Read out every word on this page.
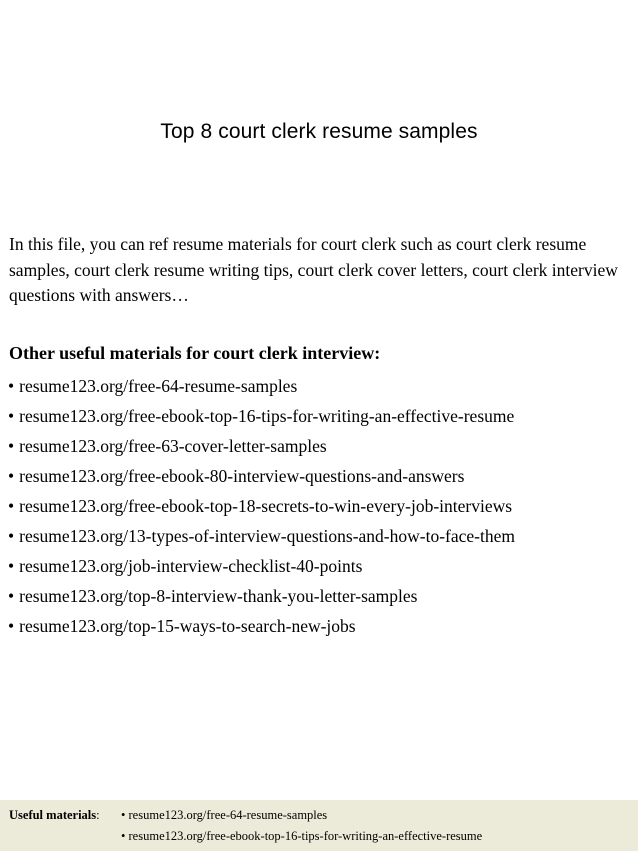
Top 8 court clerk resume samples

In this file, you can ref resume materials for court clerk such as court clerk resume samples, court clerk resume writing tips, court clerk cover letters, court clerk interview questions with answers…

Other useful materials for court clerk interview:

• resume123.org/free-64-resume-samples
• resume123.org/free-ebook-top-16-tips-for-writing-an-effective-resume
• resume123.org/free-63-cover-letter-samples
• resume123.org/free-ebook-80-interview-questions-and-answers
• resume123.org/free-ebook-top-18-secrets-to-win-every-job-interviews
• resume123.org/13-types-of-interview-questions-and-how-to-face-them
• resume123.org/job-interview-checklist-40-points
• resume123.org/top-8-interview-thank-you-letter-samples
• resume123.org/top-15-ways-to-search-new-jobs
Useful materials: • resume123.org/free-64-resume-samples
• resume123.org/free-ebook-top-16-tips-for-writing-an-effective-resume
